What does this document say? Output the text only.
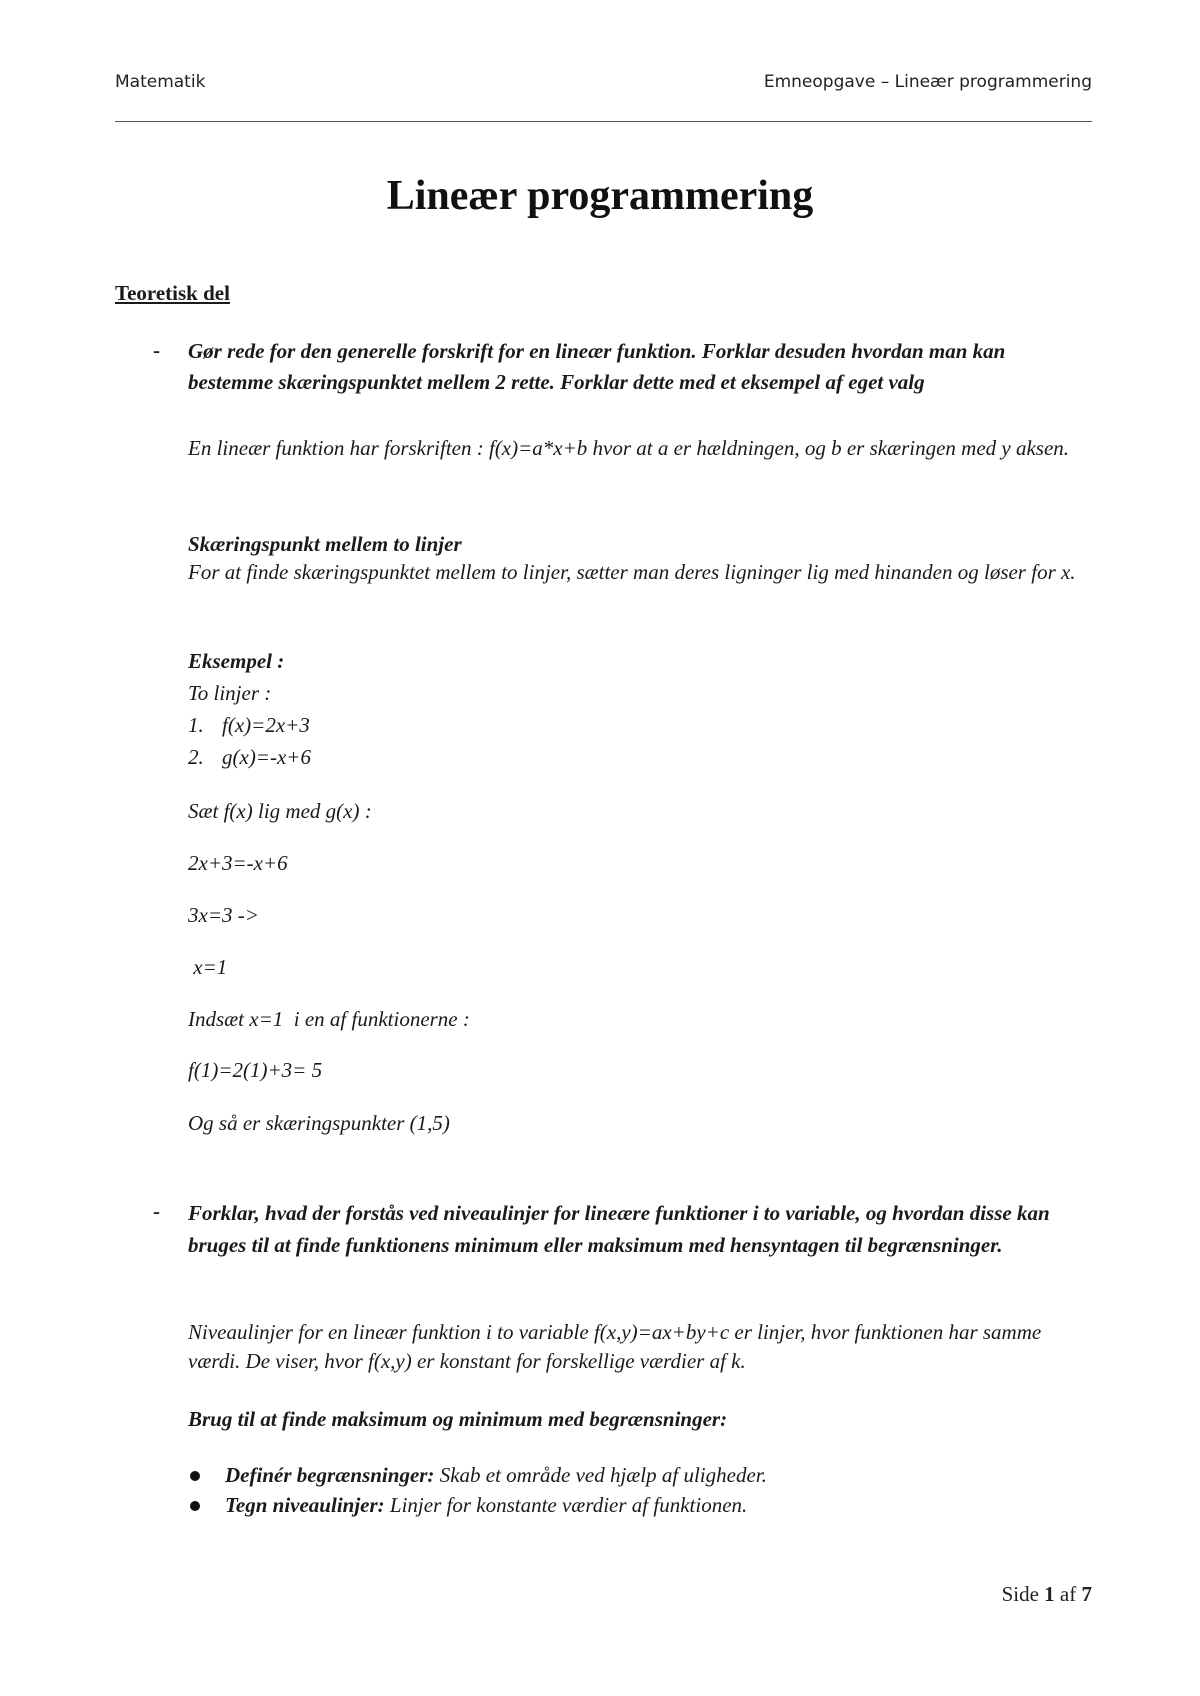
Matematik	Emneopgave – Lineær programmering
Lineær programmering
Teoretisk del
- Gør rede for den generelle forskrift for en lineær funktion. Forklar desuden hvordan man kan bestemme skæringspunktet mellem 2 rette. Forklar dette med et eksempel af eget valg
En lineær funktion har forskriften : f(x)=a*x+b hvor at a er hældningen, og b er skæringen med y aksen.
Skæringspunkt mellem to linjer
For at finde skæringspunktet mellem to linjer, sætter man deres ligninger lig med hinanden og løser for x.
Eksempel :
To linjer :
1. f(x)=2x+3
2. g(x)=-x+6
Sæt f(x) lig med g(x) :
2x+3=-x+6
3x=3 ->
x=1
Indsæt x=1  i en af funktionerne :
f(1)=2(1)+3= 5
Og så er skæringspunkter (1,5)
- Forklar, hvad der forstås ved niveaulinjer for lineære funktioner i to variable, og hvordan disse kan bruges til at finde funktionens minimum eller maksimum med hensyntagen til begrænsninger.
Niveaulinjer for en lineær funktion i to variable f(x,y)=ax+by+c er linjer, hvor funktionen har samme værdi. De viser, hvor f(x,y) er konstant for forskellige værdier af k.
Brug til at finde maksimum og minimum med begrænsninger:
Definér begrænsninger: Skab et område ved hjælp af uligheder.
Tegn niveaulinjer: Linjer for konstante værdier af funktionen.
Side 1 af 7
